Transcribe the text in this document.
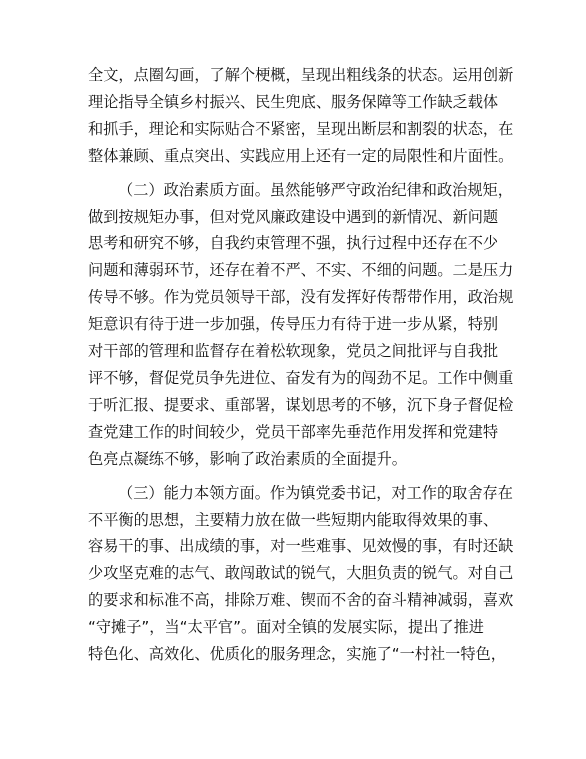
全文，点圈勾画，了解个梗概，呈现出粗线条的状态。运用创新
理论指导全镇乡村振兴、民生兜底、服务保障等工作缺乏载体
和抓手，理论和实际贴合不紧密，呈现出断层和割裂的状态，在
整体兼顾、重点突出、实践应用上还有一定的局限性和片面性。
（二）政治素质方面。虽然能够严守政治纪律和政治规矩，
做到按规矩办事，但对党风廉政建设中遇到的新情况、新问题
思考和研究不够，自我约束管理不强，执行过程中还存在不少
问题和薄弱环节，还存在着不严、不实、不细的问题。二是压力
传导不够。作为党员领导干部，没有发挥好传帮带作用，政治规
矩意识有待于进一步加强，传导压力有待于进一步从紧，特别
对干部的管理和监督存在着松软现象，党员之间批评与自我批
评不够，督促党员争先进位、奋发有为的闯劲不足。工作中侧重
于听汇报、提要求、重部署，谋划思考的不够，沉下身子督促检
查党建工作的时间较少，党员干部率先垂范作用发挥和党建特
色亮点凝练不够，影响了政治素质的全面提升。
（三）能力本领方面。作为镇党委书记，对工作的取舍存在
不平衡的思想，主要精力放在做一些短期内能取得效果的事、
容易干的事、出成绩的事，对一些难事、见效慢的事，有时还缺
少攻坚克难的志气、敢闯敢试的锐气，大胆负责的锐气。对自己
的要求和标准不高，排除万难、锲而不舍的奋斗精神减弱，喜欢
“守摊子”，当“太平官”。面对全镇的发展实际，提出了推进
特色化、高效化、优质化的服务理念，实施了“一村社一特色，
